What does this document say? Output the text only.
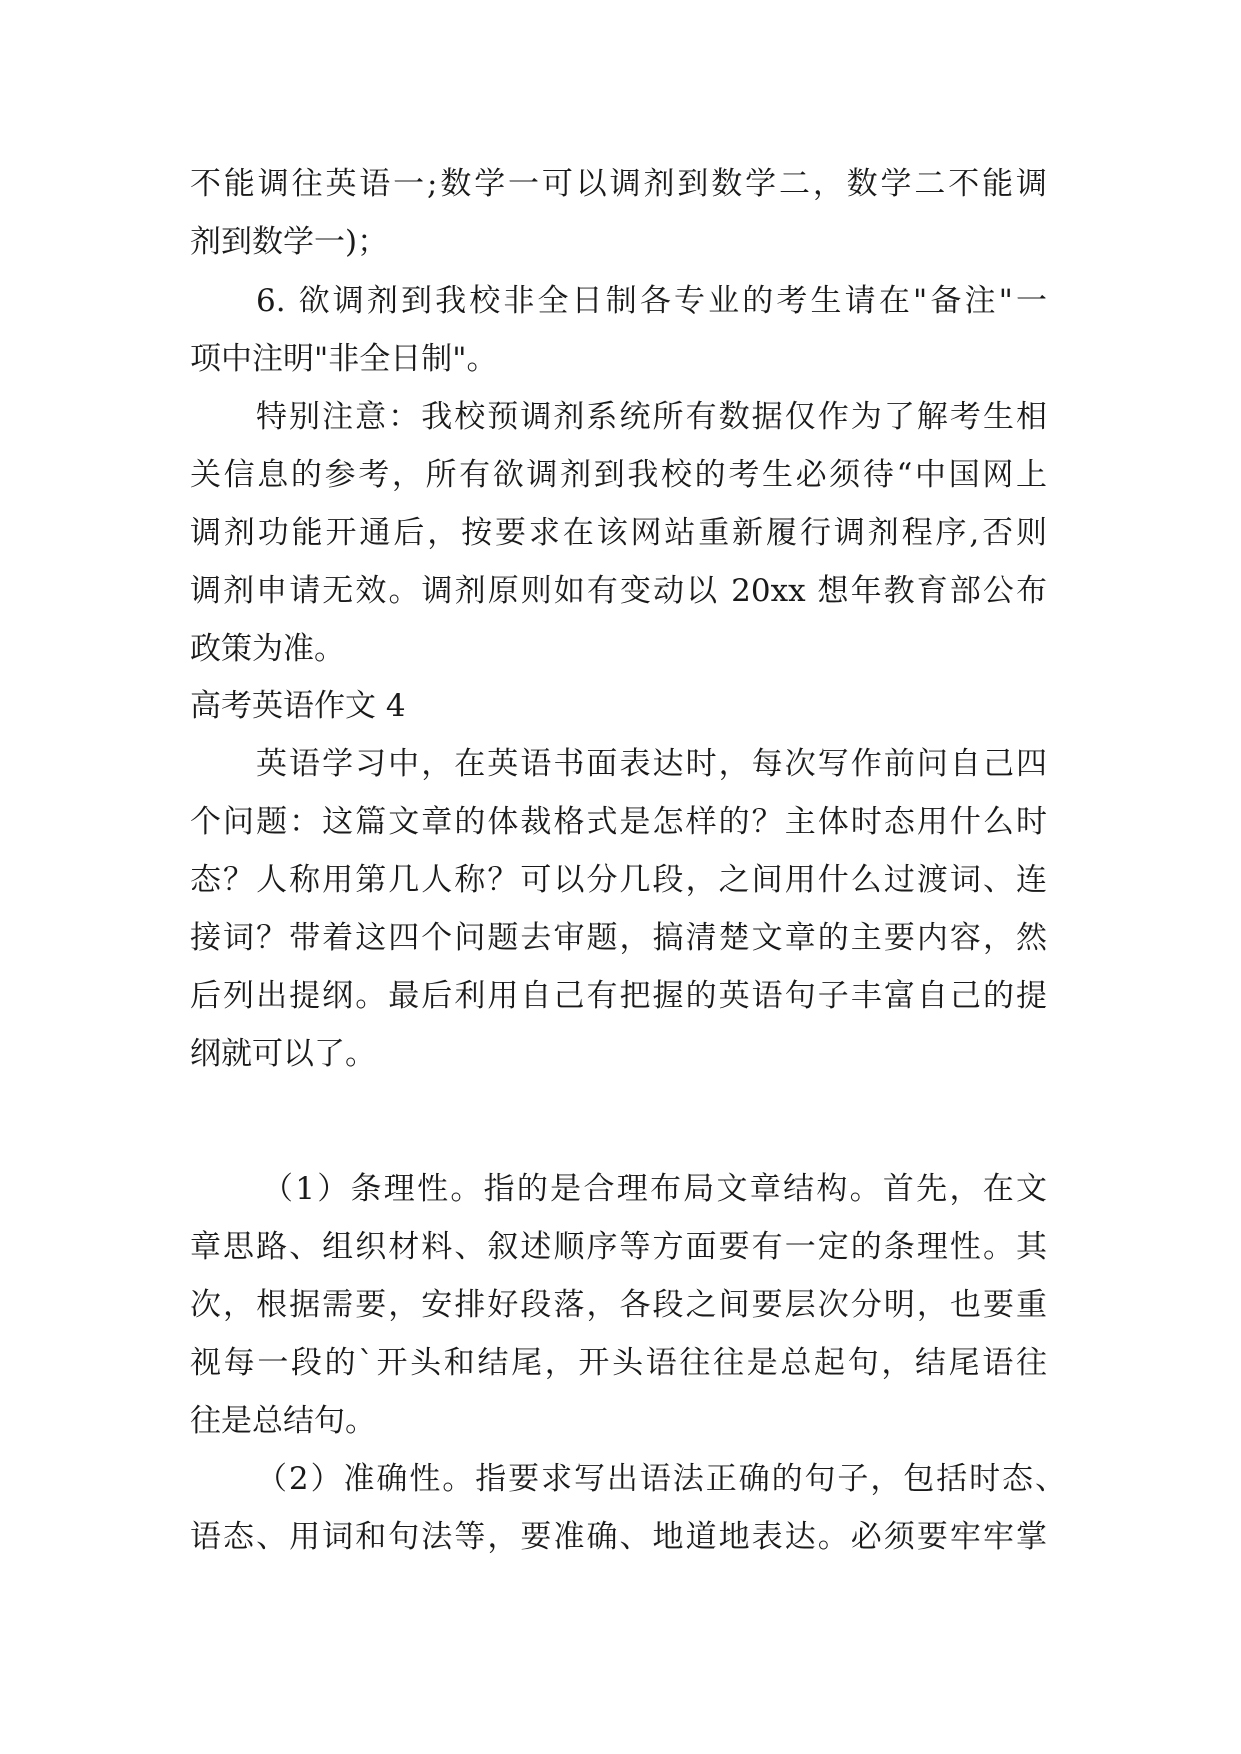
不能调往英语一;数学一可以调剂到数学二，数学二不能调

剂到数学一)；

6. 欲调剂到我校非全日制各专业的考生请在"备注"一

项中注明"非全日制"。

特别注意：我校预调剂系统所有数据仅作为了解考生相

关信息的参考，所有欲调剂到我校的考生必须待“中国网上

调剂功能开通后，按要求在该网站重新履行调剂程序,否则

调剂申请无效。调剂原则如有变动以 20xx 想年教育部公布

政策为准。

高考英语作文 4

英语学习中，在英语书面表达时，每次写作前问自己四

个问题：这篇文章的体裁格式是怎样的？主体时态用什么时

态？人称用第几人称？可以分几段，之间用什么过渡词、连

接词？带着这四个问题去审题，搞清楚文章的主要内容，然

后列出提纲。最后利用自己有把握的英语句子丰富自己的提

纲就可以了。

（1）条理性。指的是合理布局文章结构。首先，在文

章思路、组织材料、叙述顺序等方面要有一定的条理性。其

次，根据需要，安排好段落，各段之间要层次分明，也要重

视每一段的`开头和结尾，开头语往往是总起句，结尾语往

往是总结句。

（2）准确性。指要求写出语法正确的句子，包括时态、

语态、用词和句法等，要准确、地道地表达。必须要牢牢掌
